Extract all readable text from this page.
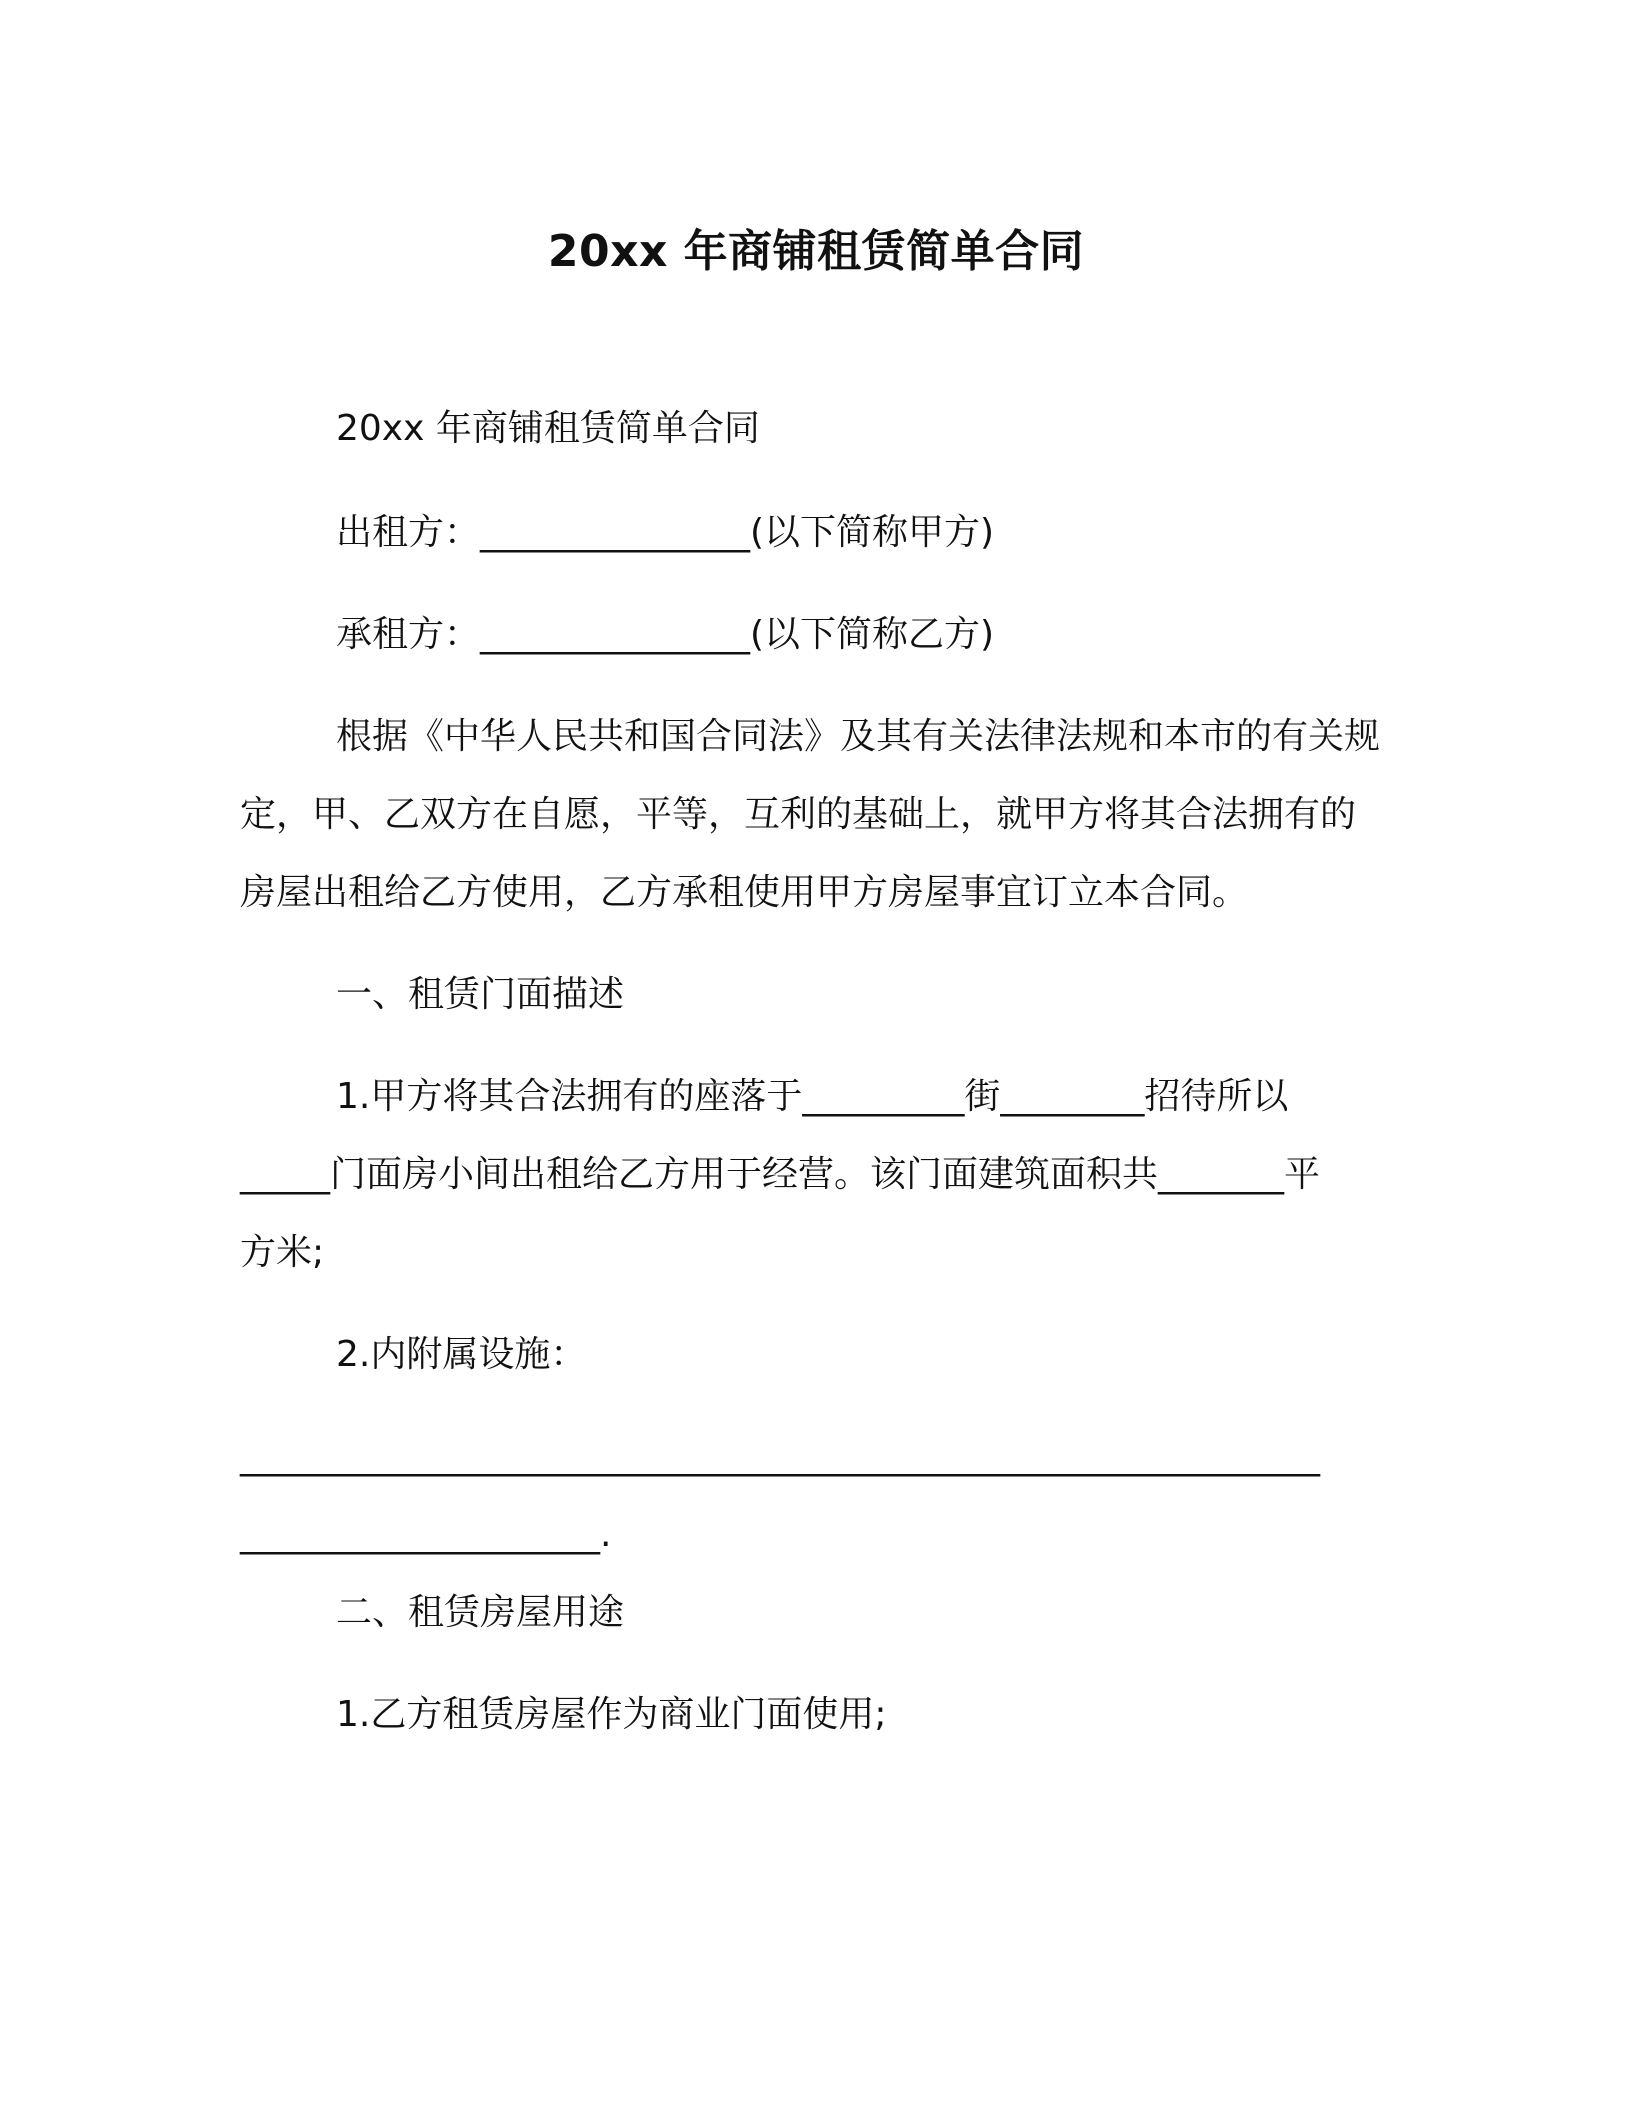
20xx 年商铺租赁简单合同
20xx 年商铺租赁简单合同
出租方：_______________(以下简称甲方)
承租方：_______________(以下简称乙方)
根据《中华人民共和国合同法》及其有关法律法规和本市的有关规定，甲、乙双方在自愿，平等，互利的基础上，就甲方将其合法拥有的房屋出租给乙方使用，乙方承租使用甲方房屋事宜订立本合同。
一、租赁门面描述
1.甲方将其合法拥有的座落于_________街________招待所以
_____门面房小间出租给乙方用于经营。该门面建筑面积共_______平
方米;
2.内附属设施：
____________________________________________________________
____________________.
二、租赁房屋用途
1.乙方租赁房屋作为商业门面使用;
